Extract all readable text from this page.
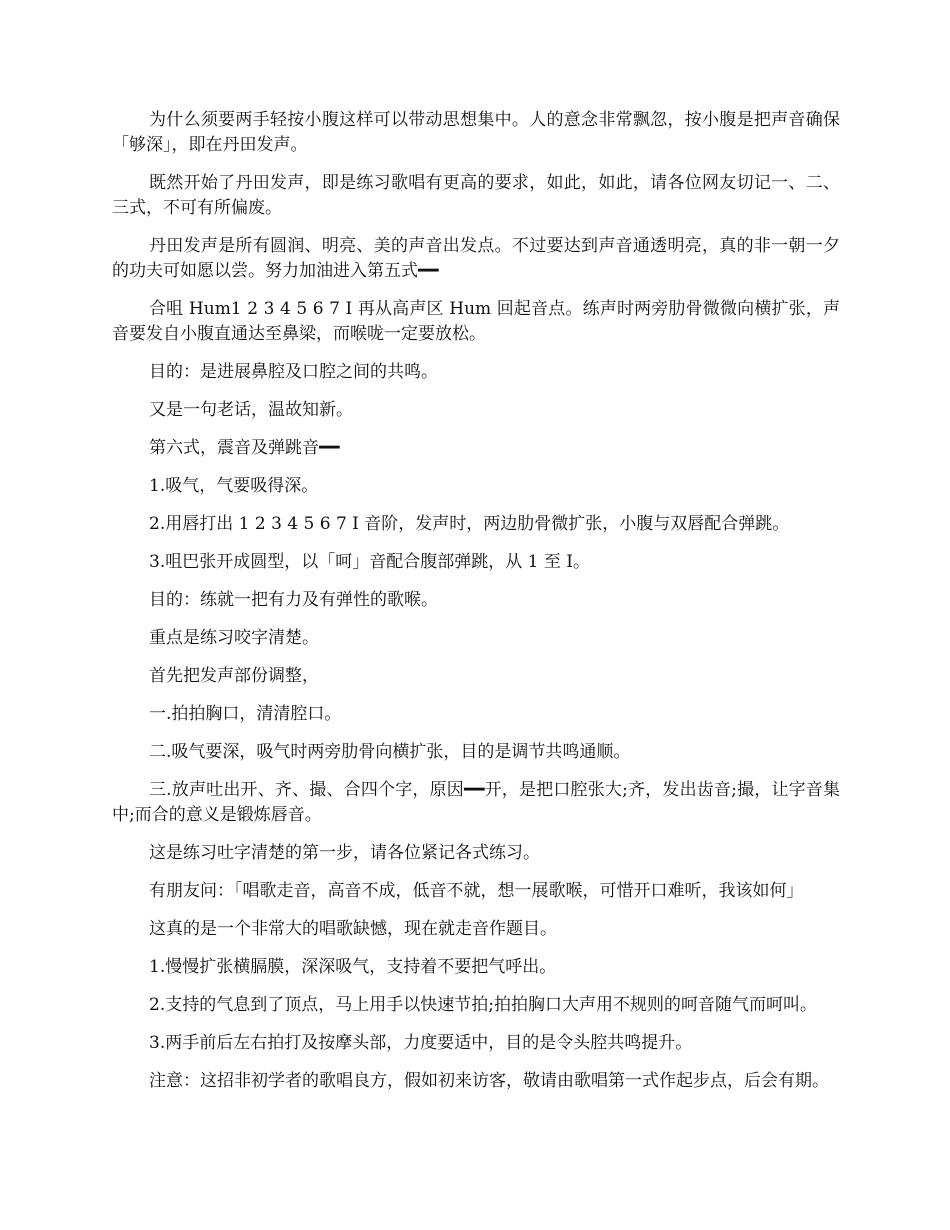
为什么须要两手轻按小腹这样可以带动思想集中。人的意念非常飘忽，按小腹是把声音确保「够深」，即在丹田发声。

既然开始了丹田发声，即是练习歌唱有更高的要求，如此，如此，请各位网友切记一、二、三式，不可有所偏废。

丹田发声是所有圆润、明亮、美的声音出发点。不过要达到声音通透明亮，真的非一朝一夕的功夫可如愿以尝。努力加油进入第五式━━

合咀 Hum1 2 3 4 5 6 7 I 再从高声区 Hum 回起音点。练声时两旁肋骨微微向横扩张，声音要发自小腹直通达至鼻梁，而喉咙一定要放松。

目的：是进展鼻腔及口腔之间的共鸣。

又是一句老话，温故知新。

第六式，震音及弹跳音━━

1.吸气，气要吸得深。

2.用唇打出 1 2 3 4 5 6 7 I 音阶，发声时，两边肋骨微扩张，小腹与双唇配合弹跳。

3.咀巴张开成圆型，以「呵」音配合腹部弹跳，从 1 至 I。

目的：练就一把有力及有弹性的歌喉。

重点是练习咬字清楚。

首先把发声部份调整，

一.拍拍胸口，清清腔口。

二.吸气要深，吸气时两旁肋骨向横扩张，目的是调节共鸣通顺。

三.放声吐出开、齐、撮、合四个字，原因━━开，是把口腔张大;齐，发出齿音;撮，让字音集中;而合的意义是锻炼唇音。

这是练习吐字清楚的第一步，请各位紧记各式练习。

有朋友问：「唱歌走音，高音不成，低音不就，想一展歌喉，可惜开口难听，我该如何」

这真的是一个非常大的唱歌缺憾，现在就走音作题目。

1.慢慢扩张横膈膜，深深吸气，支持着不要把气呼出。

2.支持的气息到了顶点，马上用手以快速节拍;拍拍胸口大声用不规则的呵音随气而呵叫。

3.两手前后左右拍打及按摩头部，力度要适中，目的是令头腔共鸣提升。

注意：这招非初学者的歌唱良方，假如初来访客，敬请由歌唱第一式作起步点，后会有期。
